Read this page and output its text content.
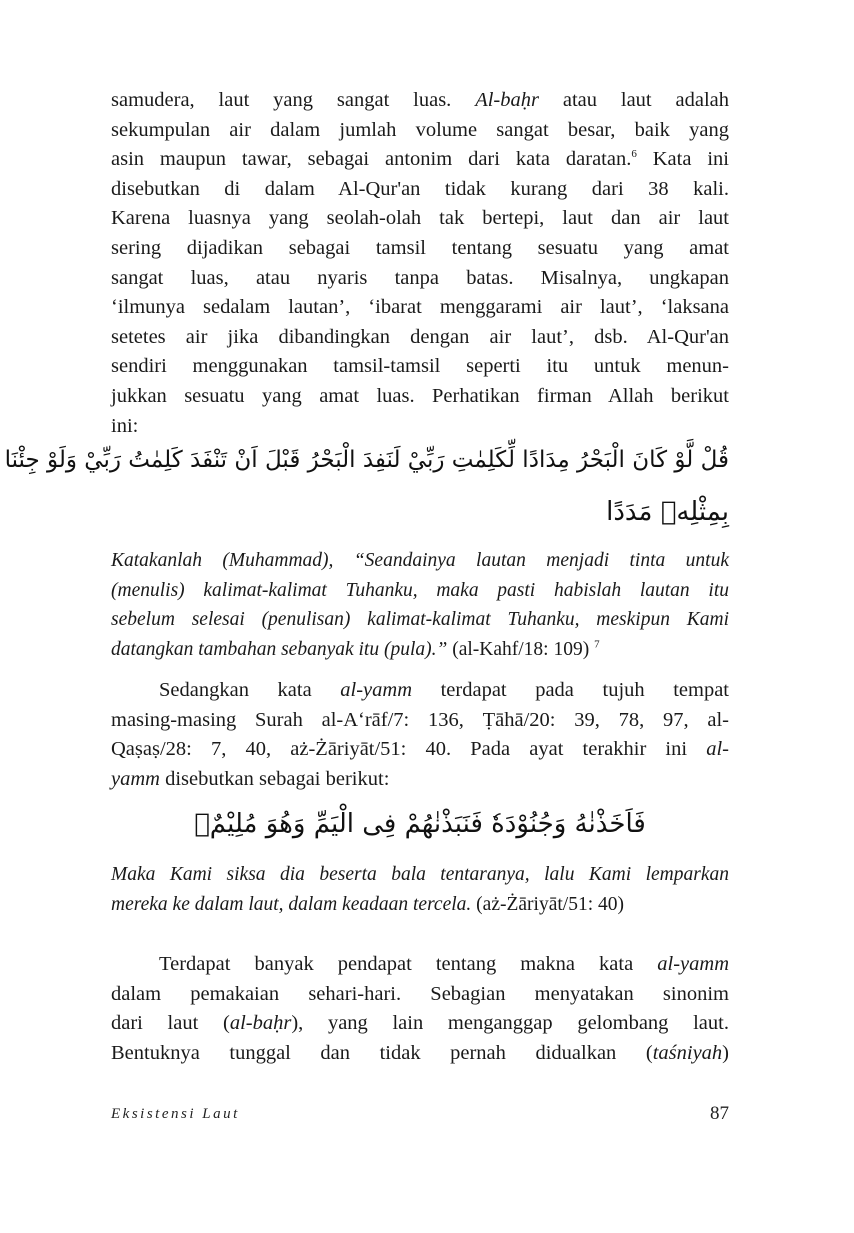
samudera, laut yang sangat luas. Al-baḥr atau laut adalah
sekumpulan air dalam jumlah volume sangat besar, baik yang
asin maupun tawar, sebagai antonim dari kata daratan.$^6$ Kata ini
disebutkan di dalam Al-Qur'an tidak kurang dari 38 kali.
Karena luasnya yang seolah-olah tak bertepi, laut dan air laut
sering dijadikan sebagai tamsil tentang sesuatu yang amat
sangat luas, atau nyaris tanpa batas. Misalnya, ungkapan
‘ilmunya sedalam lautan’, ‘ibarat menggarami air laut’, ‘laksana
setetes air jika dibandingkan dengan air laut’, dsb. Al-Qur'an
sendiri menggunakan tamsil-tamsil seperti itu untuk menun-
jukkan sesuatu yang amat luas. Perhatikan firman Allah berikut
ini:
قُلْ لَّوْ كَانَ الْبَحْرُ مِدَادًا لِّكَلِمٰتِ رَبِّيْ لَنَفِدَ الْبَحْرُ قَبْلَ اَنْ تَنْفَدَ كَلِمٰتُ رَبِّيْ وَلَوْ جِئْنَا
بِمِثْلِهٖ مَدَدًا
Katakanlah (Muhammad), “Seandainya lautan menjadi tinta untuk
(menulis) kalimat-kalimat Tuhanku, maka pasti habislah lautan itu
sebelum selesai (penulisan) kalimat-kalimat Tuhanku, meskipun Kami
datangkan tambahan sebanyak itu (pula).” (al-Kahf/18: 109) $^7$
Sedangkan kata al-yamm terdapat pada tujuh tempat
masing-masing Surah al-A‘rāf/7: 136, Ṭāhā/20: 39, 78, 97, al-
Qaṣaṣ/28: 7, 40, aż-Żāriyāt/51: 40. Pada ayat terakhir ini al-
yamm disebutkan sebagai berikut:
فَاَخَذْنٰهُ وَجُنُوْدَهٗ فَنَبَذْنٰهُمْ فِى الْيَمِّ وَهُوَ مُلِيْمٌۗ
Maka Kami siksa dia beserta bala tentaranya, lalu Kami lemparkan
mereka ke dalam laut, dalam keadaan tercela. (aż-Żāriyāt/51: 40)
Terdapat banyak pendapat tentang makna kata al-yamm
dalam pemakaian sehari-hari. Sebagian menyatakan sinonim
dari laut (al-baḥr), yang lain menganggap gelombang laut.
Bentuknya tunggal dan tidak pernah didualkan (taśniyah)
Eksistensi Laut	87
